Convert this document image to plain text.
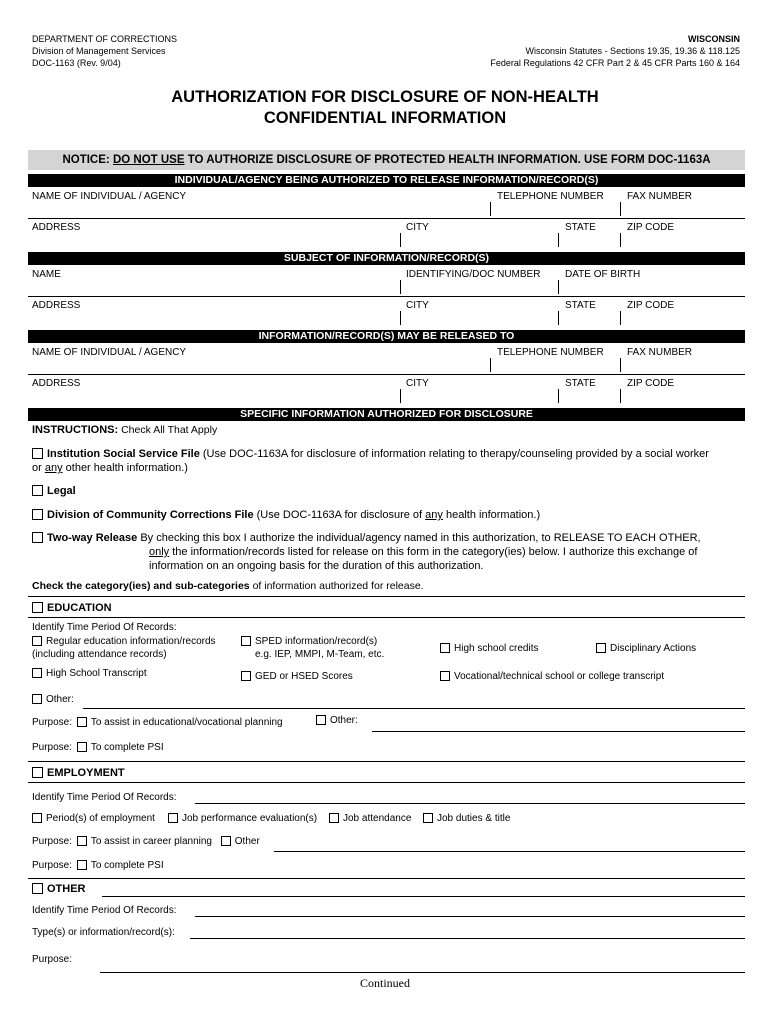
DEPARTMENT OF CORRECTIONS
Division of Management Services
DOC-1163 (Rev. 9/04)
WISCONSIN
Wisconsin Statutes - Sections 19.35, 19.36 & 118.125
Federal Regulations 42 CFR Part 2 & 45 CFR Parts 160 & 164
AUTHORIZATION FOR DISCLOSURE OF NON-HEALTH
CONFIDENTIAL INFORMATION
NOTICE: DO NOT USE TO AUTHORIZE DISCLOSURE OF PROTECTED HEALTH INFORMATION. USE FORM DOC-1163A
INDIVIDUAL/AGENCY BEING AUTHORIZED TO RELEASE INFORMATION/RECORD(S)
NAME OF INDIVIDUAL / AGENCY	TELEPHONE NUMBER FAX NUMBER
ADDRESS	CITY	STATE	ZIP CODE
SUBJECT OF INFORMATION/RECORD(S)
NAME	IDENTIFYING/DOC NUMBER DATE OF BIRTH
ADDRESS	CITY	STATE	ZIP CODE
INFORMATION/RECORD(S) MAY BE RELEASED TO
NAME OF INDIVIDUAL / AGENCY	TELEPHONE NUMBER FAX NUMBER
ADDRESS	CITY	STATE	ZIP CODE
SPECIFIC INFORMATION AUTHORIZED FOR DISCLOSURE
INSTRUCTIONS: Check All That Apply
Institution Social Service File (Use DOC-1163A for disclosure of information relating to therapy/counseling provided by a social worker
or any other health information.)
Legal
Division of Community Corrections File (Use DOC-1163A for disclosure of any health information.)
Two-way Release By checking this box I authorize the individual/agency named in this authorization, to RELEASE TO EACH OTHER,
only the information/records listed for release on this form in the category(ies) below. I authorize this exchange of
information on an ongoing basis for the duration of this authorization.
Check the category(ies) and sub-categories of information authorized for release.
EDUCATION
Identify Time Period Of Records:
Regular education information/records
(including attendance records)
SPED information/record(s)
e.g. IEP, MMPI, M-Team, etc.
High school credits	Disciplinary Actions
High School Transcript	GED or HSED Scores	Vocational/technical school or college transcript
Other:
Purpose: To assist in educational/vocational planning	Other:
Purpose: To complete PSI
EMPLOYMENT
Identify Time Period Of Records:
Period(s) of employment	Job performance evaluation(s)	Job attendance	Job duties & title
Purpose: To assist in career planning Other
Purpose: To complete PSI
OTHER
Identify Time Period Of Records:
Type(s) or information/record(s):
Purpose:
Continued
